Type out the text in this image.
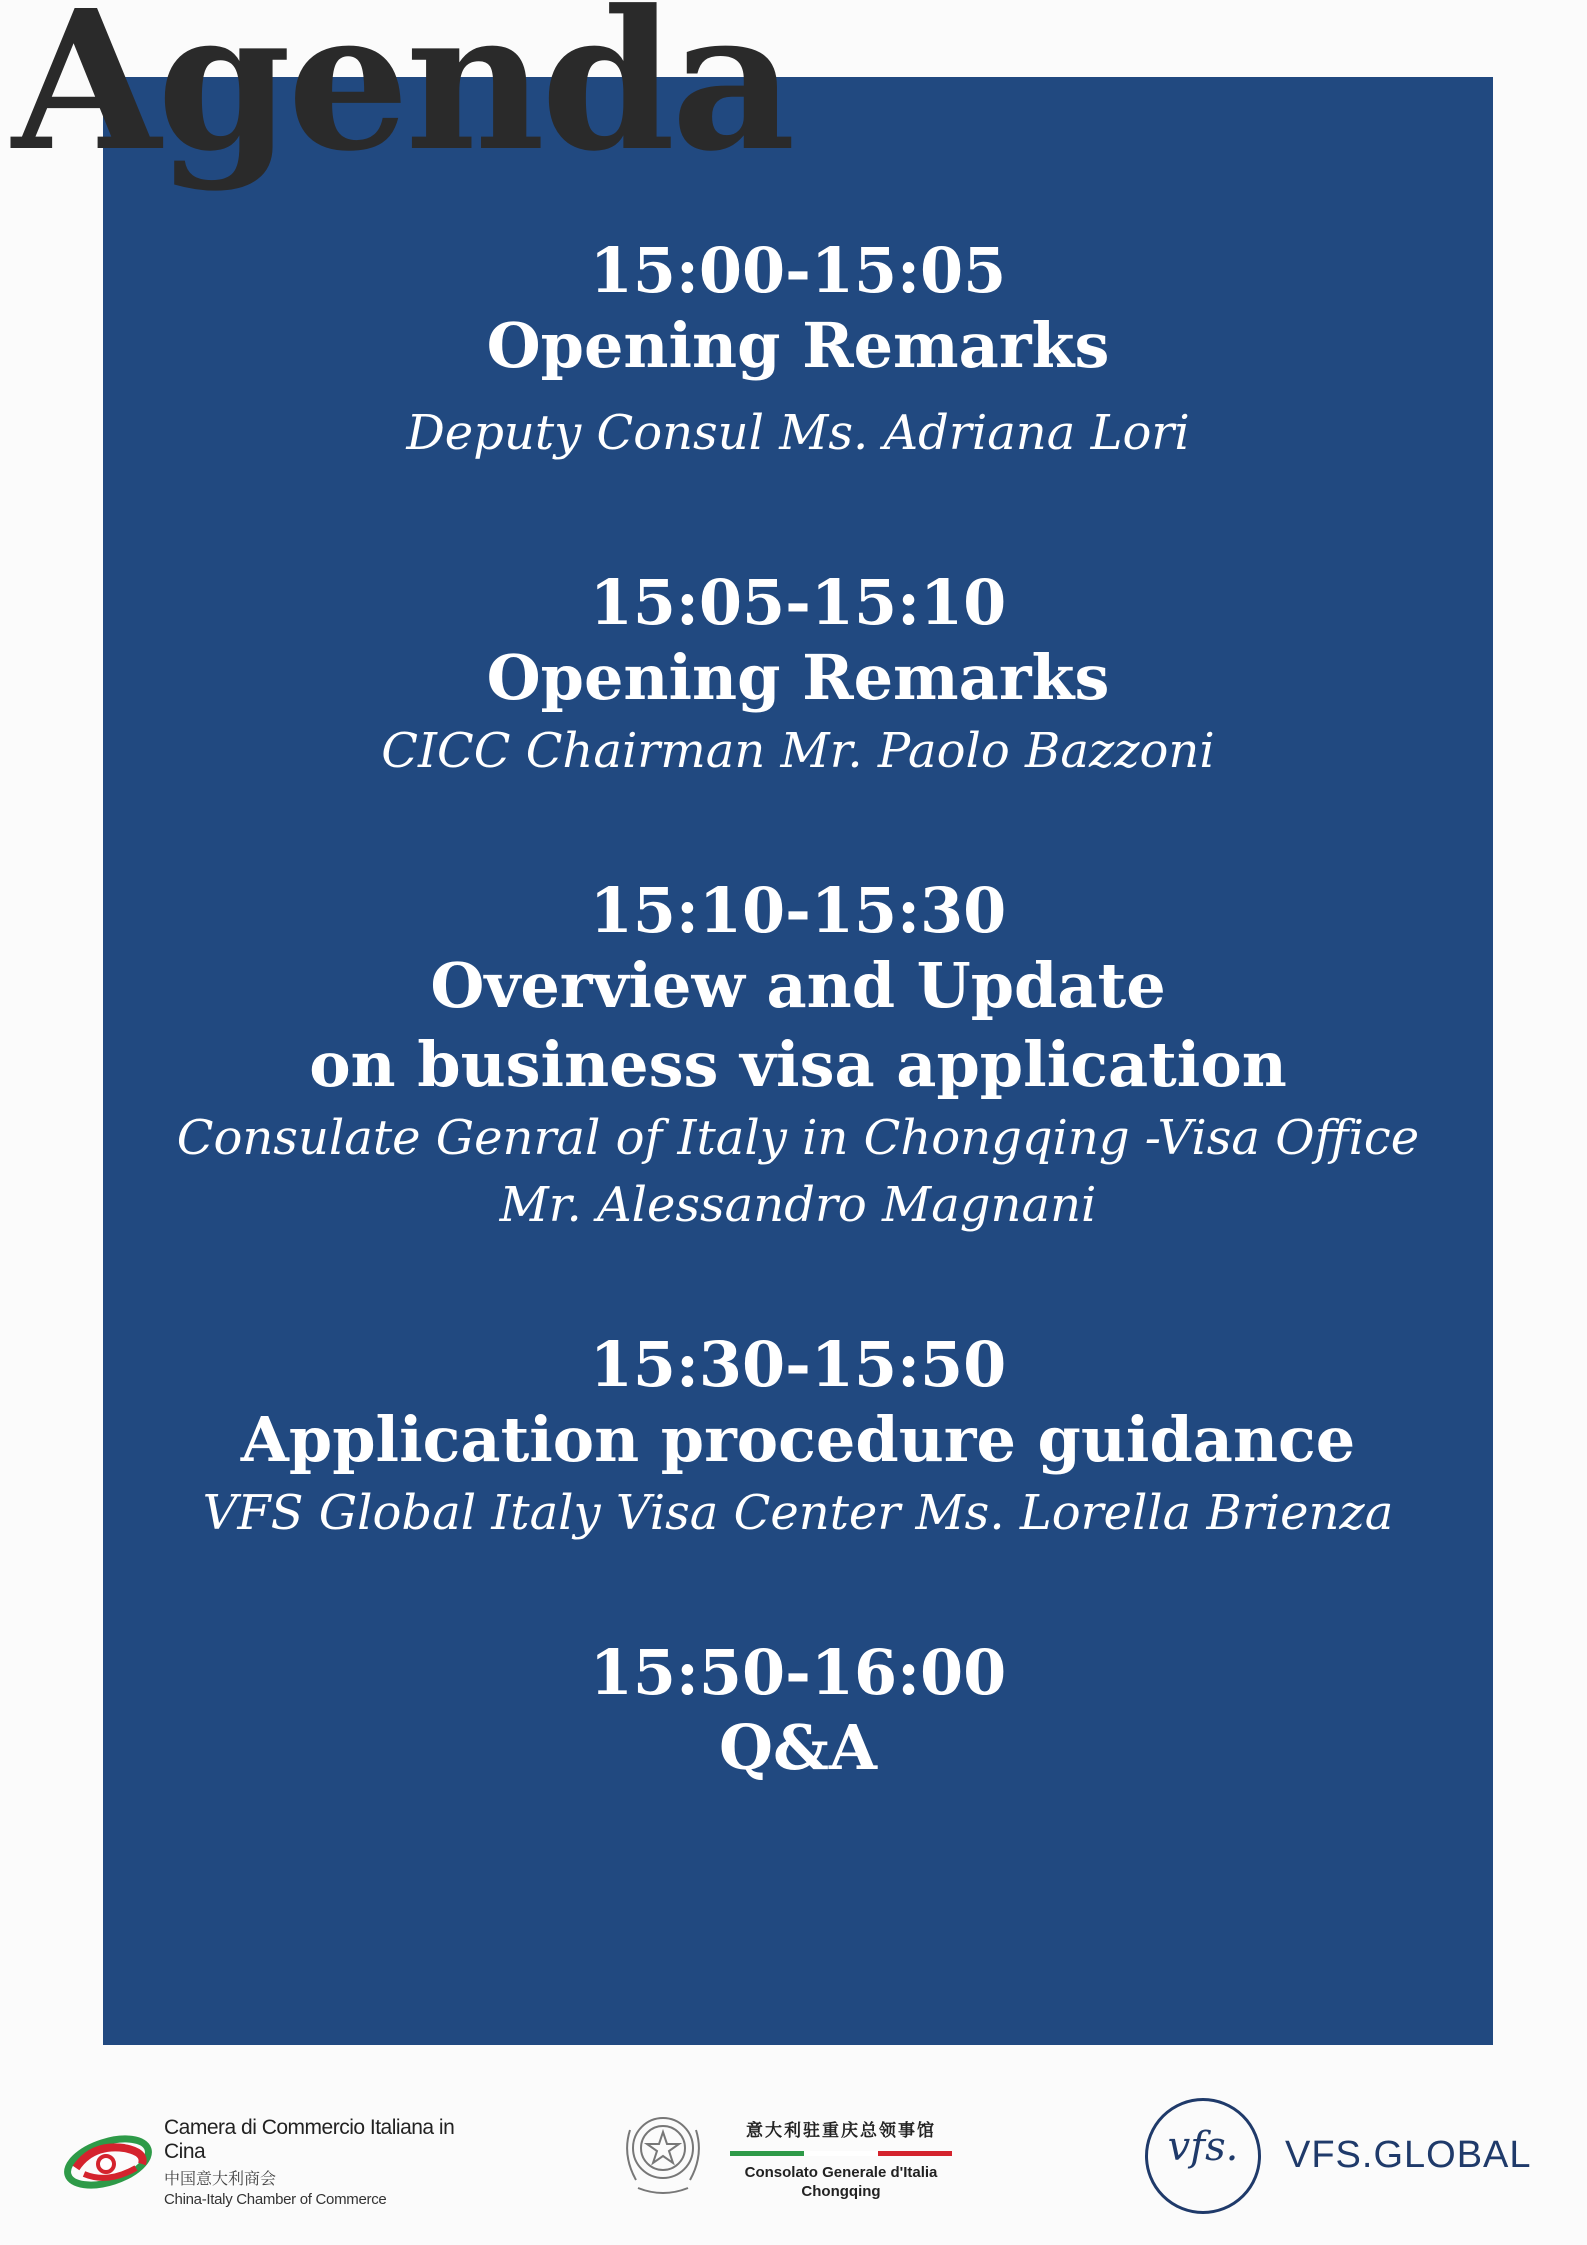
Agenda
15:00-15:05
Opening Remarks
Deputy Consul Ms. Adriana Lori
15:05-15:10
Opening Remarks
CICC Chairman Mr. Paolo Bazzoni
15:10-15:30
Overview and Update
on business visa application
Consulate Genral of Italy in Chongqing -Visa Office
Mr. Alessandro Magnani
15:30-15:50
Application procedure guidance
VFS Global Italy Visa Center Ms. Lorella Brienza
15:50-16:00
Q&A
Camera di Commercio Italiana in Cina
中国意大利商会
China-Italy Chamber of Commerce
意大利驻重庆总领事馆
Consolato Generale d'Italia
Chongqing
vfs.	VFS.GLOBAL
